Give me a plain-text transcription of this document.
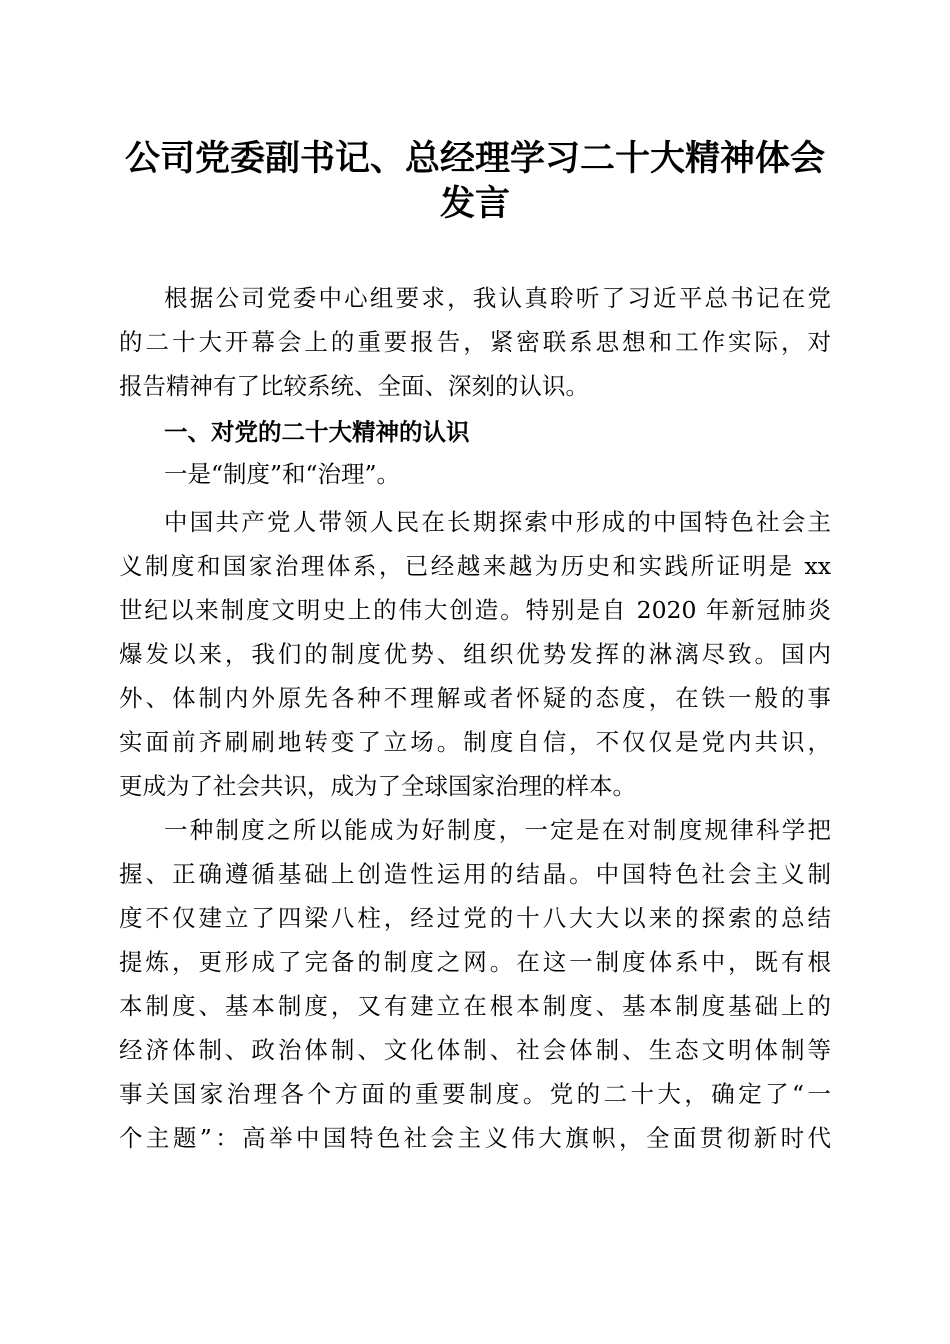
公司党委副书记、总经理学习二十大精神体会
发言
根据公司党委中心组要求，我认真聆听了习近平总书记在党
的二十大开幕会上的重要报告，紧密联系思想和工作实际，对
报告精神有了比较系统、全面、深刻的认识。
一、对党的二十大精神的认识
一是“制度”和“治理”。
中国共产党人带领人民在长期探索中形成的中国特色社会主
义制度和国家治理体系，已经越来越为历史和实践所证明是 xx
世纪以来制度文明史上的伟大创造。特别是自 2020 年新冠肺炎
爆发以来，我们的制度优势、组织优势发挥的淋漓尽致。国内
外、体制内外原先各种不理解或者怀疑的态度，在铁一般的事
实面前齐刷刷地转变了立场。制度自信，不仅仅是党内共识，
更成为了社会共识，成为了全球国家治理的样本。
一种制度之所以能成为好制度，一定是在对制度规律科学把
握、正确遵循基础上创造性运用的结晶。中国特色社会主义制
度不仅建立了四梁八柱，经过党的十八大大以来的探索的总结
提炼，更形成了完备的制度之网。在这一制度体系中，既有根
本制度、基本制度，又有建立在根本制度、基本制度基础上的
经济体制、政治体制、文化体制、社会体制、生态文明体制等
事关国家治理各个方面的重要制度。党的二十大，确定了“一
个主题”：高举中国特色社会主义伟大旗帜，全面贯彻新时代
